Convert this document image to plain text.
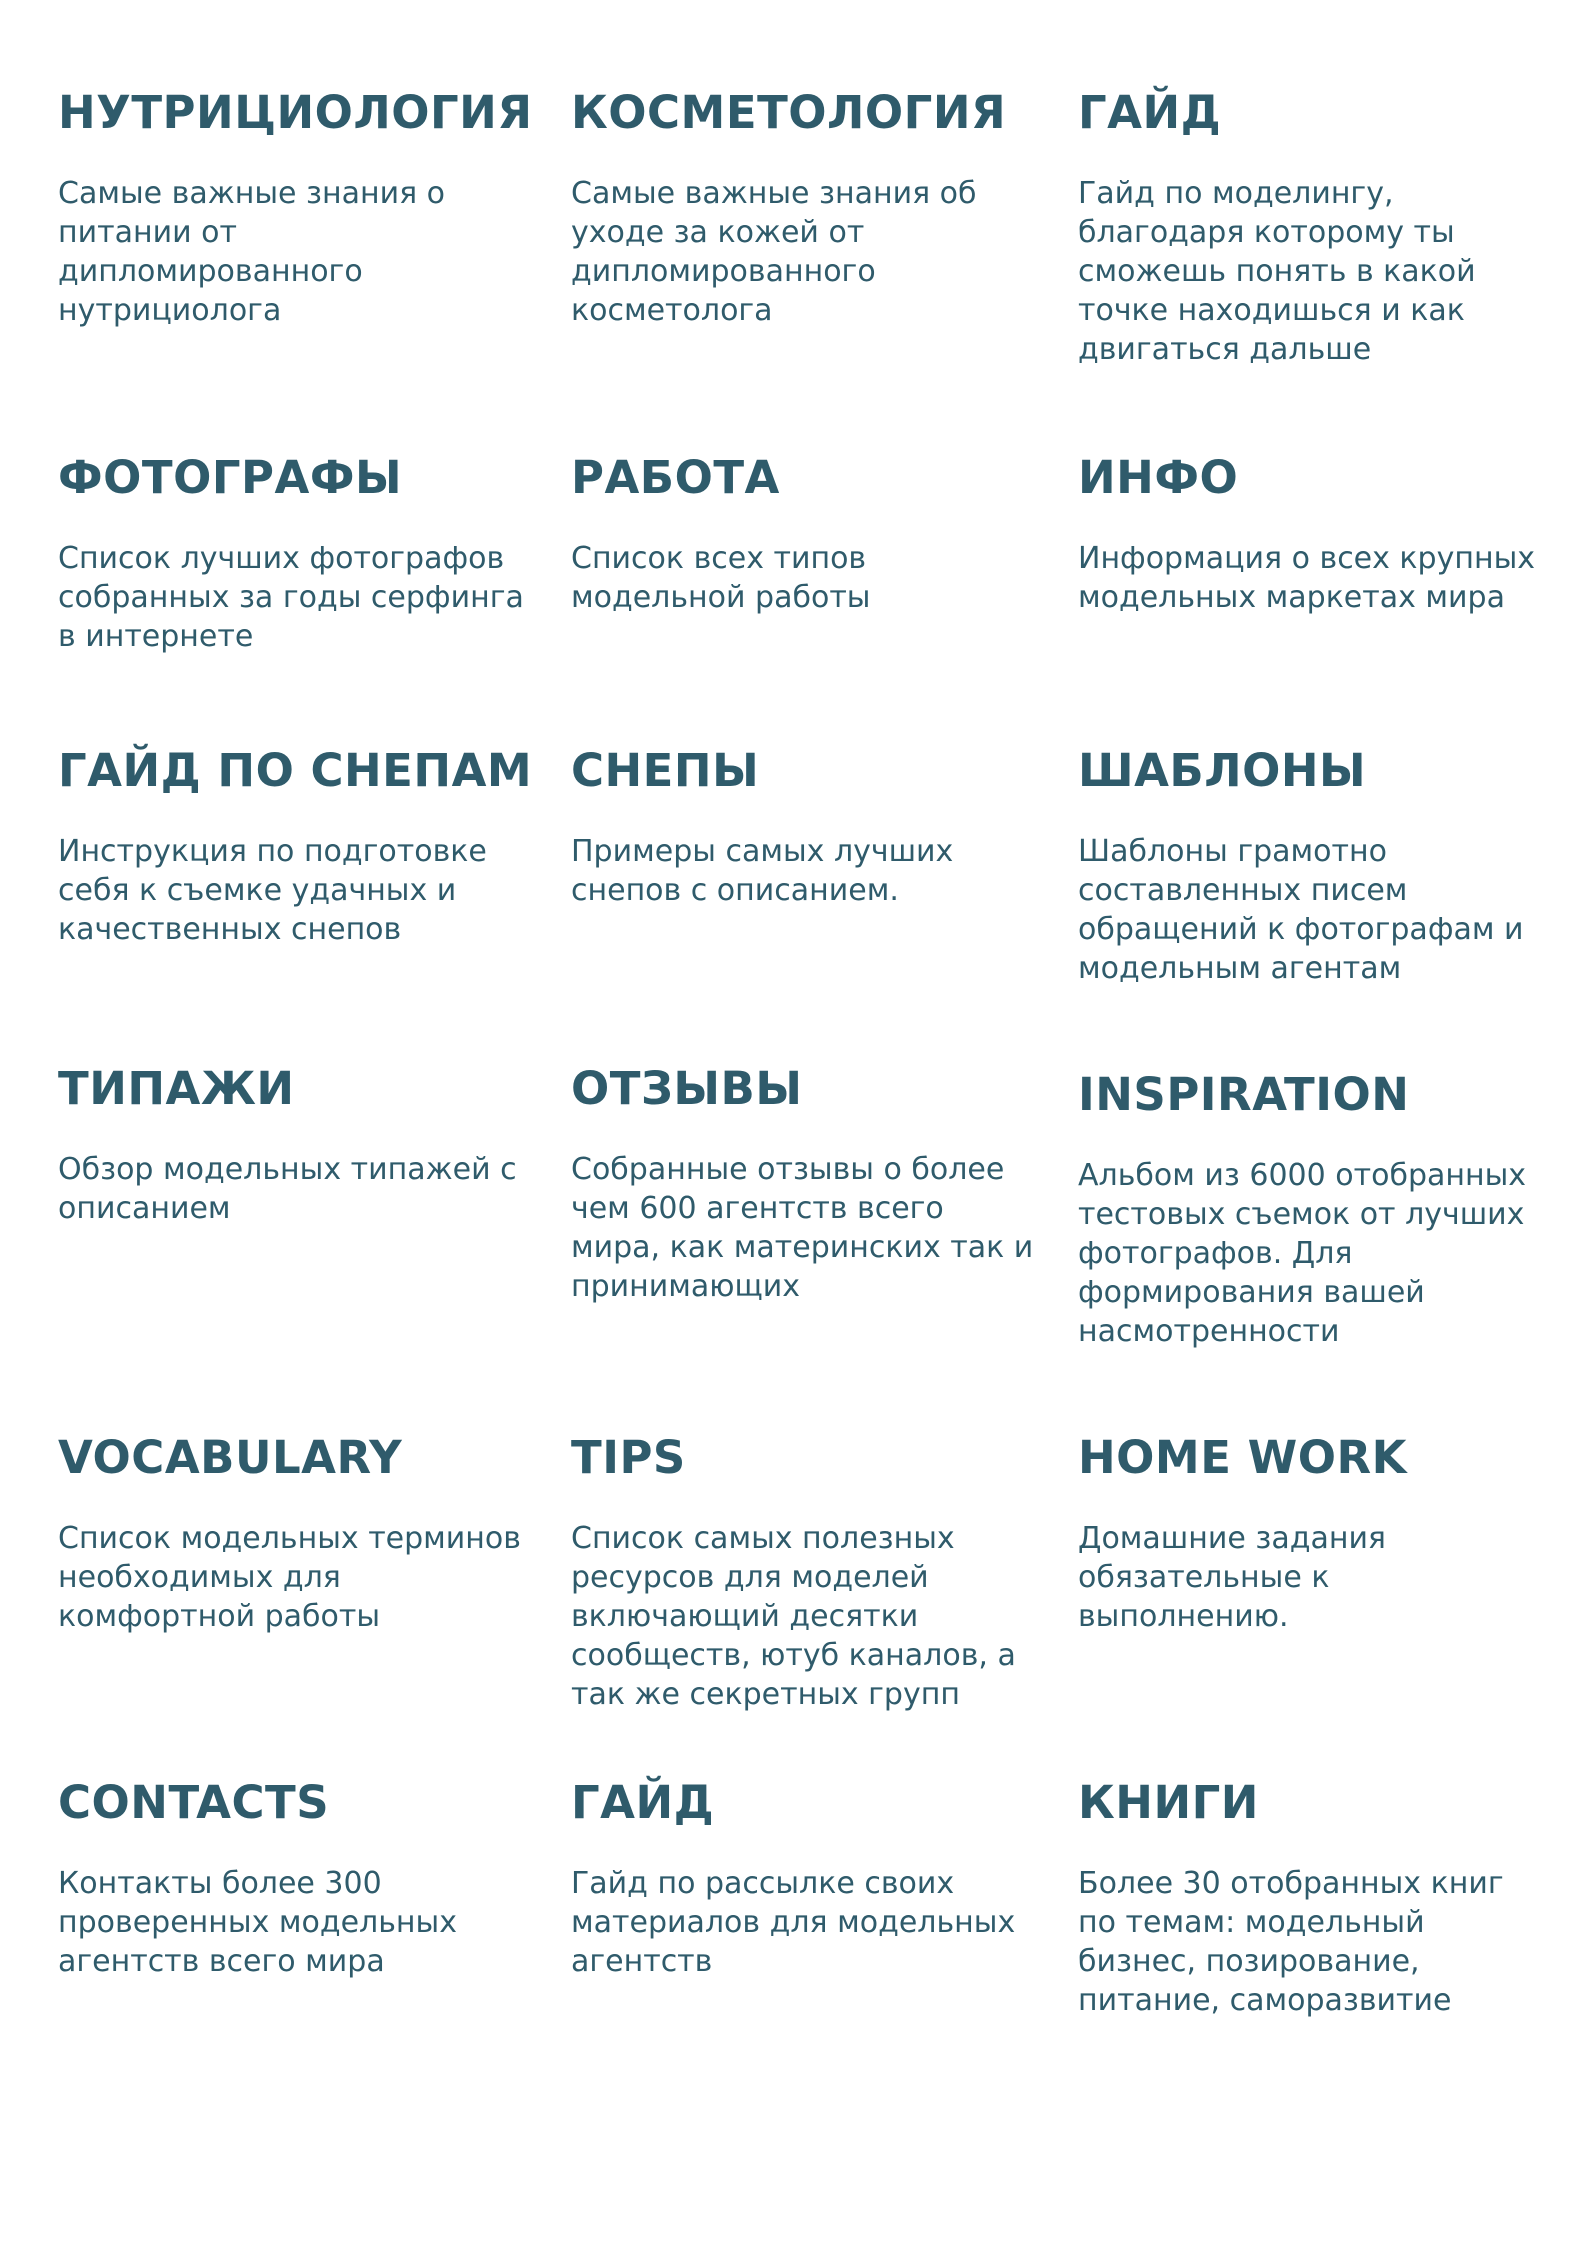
НУТРИЦИОЛОГИЯ

Самые важные знания о питании от дипломированного нутрициолога

КОСМЕТОЛОГИЯ

Самые важные знания об уходе за кожей от дипломированного косметолога

ГАЙД

Гайд по моделингу, благодаря которому ты сможешь понять в какой точке находишься и как двигаться дальше

ФОТОГРАФЫ

Список лучших фотографов собранных за годы серфинга в интернете

РАБОТА

Список всех типов модельной работы

ИНФО

Информация о всех крупных модельных маркетах мира

ГАЙД ПО СНЕПАМ

Инструкция по подготовке себя к съемке удачных и качественных снепов

СНЕПЫ

Примеры самых лучших снепов с описанием.

ШАБЛОНЫ

Шаблоны грамотно составленных писем обращений к фотографам и модельным агентам

ТИПАЖИ

Обзор модельных типажей с описанием

ОТЗЫВЫ

Собранные отзывы о более чем 600 агентств всего мира, как материнских так и принимающих

INSPIRATION

Альбом из 6000 отобранных тестовых съемок от лучших фотографов. Для формирования вашей насмотренности

VOCABULARY

Список модельных терминов необходимых для комфортной работы

TIPS

Список самых полезных ресурсов для моделей включающий десятки сообществ, ютуб каналов, а так же секретных групп

HOME WORK

Домашние задания обязательные к выполнению.

CONTACTS

Контакты более 300 проверенных модельных агентств всего мира

ГАЙД

Гайд по рассылке своих материалов для модельных агентств

КНИГИ

Более 30 отобранных книг по темам: модельный бизнес, позирование, питание, саморазвитие
